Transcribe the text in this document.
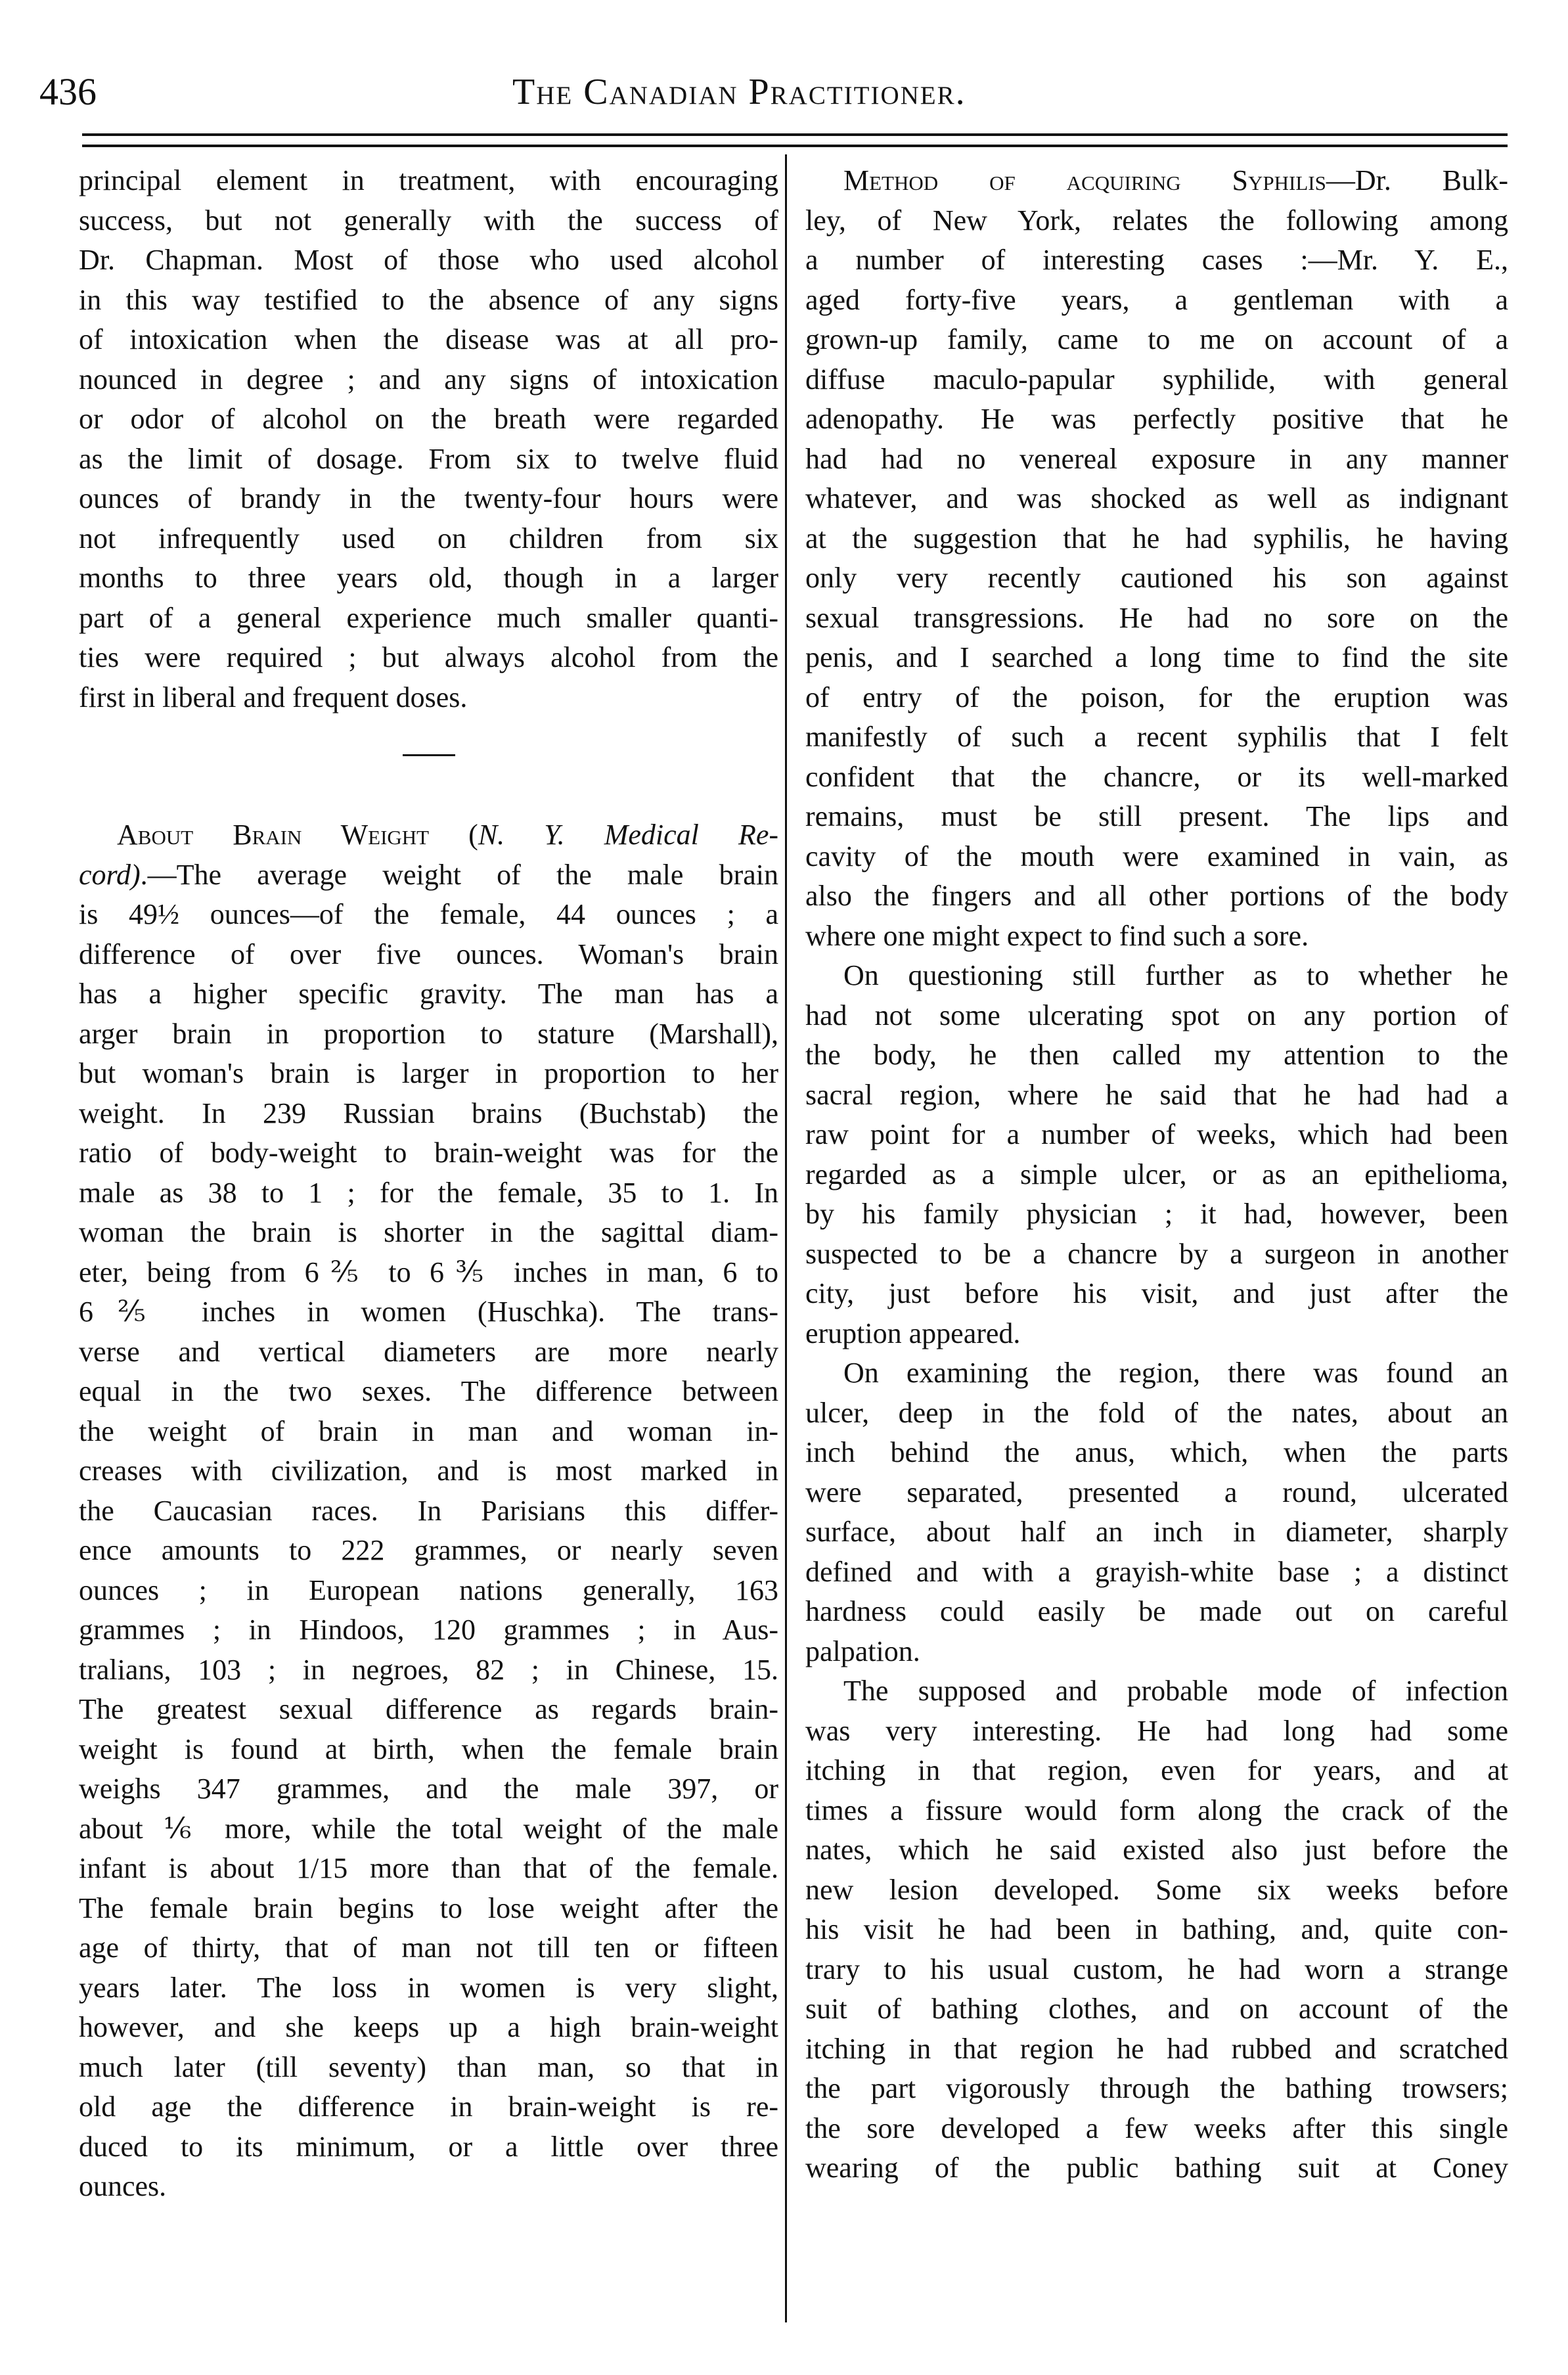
436	The Canadian Practitioner.
principal element in treatment, with encouraging
success, but not generally with the success of
Dr. Chapman. Most of those who used alcohol
in this way testified to the absence of any signs
of intoxication when the disease was at all pro-
nounced in degree ; and any signs of intoxication
or odor of alcohol on the breath were regarded
as the limit of dosage. From six to twelve fluid
ounces of brandy in the twenty-four hours were
not infrequently used on children from six
months to three years old, though in a larger
part of a general experience much smaller quanti-
ties were required ; but always alcohol from the
first in liberal and frequent doses.
About Brain Weight (N. Y. Medical Re-
cord).—The average weight of the male brain
is 49½ ounces—of the female, 44 ounces ; a
difference of over five ounces. Woman's brain
has a higher specific gravity. The man has a
arger brain in proportion to stature (Marshall),
but woman's brain is larger in proportion to her
weight. In 239 Russian brains (Buchstab) the
ratio of body-weight to brain-weight was for the
male as 38 to 1 ; for the female, 35 to 1. In
woman the brain is shorter in the sagittal diam-
eter, being from 6⅖ to 6⅗ inches in man, 6 to
6⅖ inches in women (Huschka). The trans-
verse and vertical diameters are more nearly
equal in the two sexes. The difference between
the weight of brain in man and woman in-
creases with civilization, and is most marked in
the Caucasian races. In Parisians this differ-
ence amounts to 222 grammes, or nearly seven
ounces ; in European nations generally, 163
grammes ; in Hindoos, 120 grammes ; in Aus-
tralians, 103 ; in negroes, 82 ; in Chinese, 15.
The greatest sexual difference as regards brain-
weight is found at birth, when the female brain
weighs 347 grammes, and the male 397, or
about ⅙ more, while the total weight of the male
infant is about 1/15 more than that of the female.
The female brain begins to lose weight after the
age of thirty, that of man not till ten or fifteen
years later. The loss in women is very slight,
however, and she keeps up a high brain-weight
much later (till seventy) than man, so that in
old age the difference in brain-weight is re-
duced to its minimum, or a little over three
ounces.
Method of acquiring Syphilis—Dr. Bulk-
ley, of New York, relates the following among
a number of interesting cases :—Mr. Y. E.,
aged forty-five years, a gentleman with a
grown-up family, came to me on account of a
diffuse maculo-papular syphilide, with general
adenopathy. He was perfectly positive that he
had had no venereal exposure in any manner
whatever, and was shocked as well as indignant
at the suggestion that he had syphilis, he having
only very recently cautioned his son against
sexual transgressions. He had no sore on the
penis, and I searched a long time to find the site
of entry of the poison, for the eruption was
manifestly of such a recent syphilis that I felt
confident that the chancre, or its well-marked
remains, must be still present. The lips and
cavity of the mouth were examined in vain, as
also the fingers and all other portions of the body
where one might expect to find such a sore.
On questioning still further as to whether he
had not some ulcerating spot on any portion of
the body, he then called my attention to the
sacral region, where he said that he had had a
raw point for a number of weeks, which had been
regarded as a simple ulcer, or as an epithelioma,
by his family physician ; it had, however, been
suspected to be a chancre by a surgeon in another
city, just before his visit, and just after the
eruption appeared.
On examining the region, there was found an
ulcer, deep in the fold of the nates, about an
inch behind the anus, which, when the parts
were separated, presented a round, ulcerated
surface, about half an inch in diameter, sharply
defined and with a grayish-white base ; a distinct
hardness could easily be made out on careful
palpation.
The supposed and probable mode of infection
was very interesting. He had long had some
itching in that region, even for years, and at
times a fissure would form along the crack of the
nates, which he said existed also just before the
new lesion developed. Some six weeks before
his visit he had been in bathing, and, quite con-
trary to his usual custom, he had worn a strange
suit of bathing clothes, and on account of the
itching in that region he had rubbed and scratched
the part vigorously through the bathing trowsers;
the sore developed a few weeks after this single
wearing of the public bathing suit at Coney
